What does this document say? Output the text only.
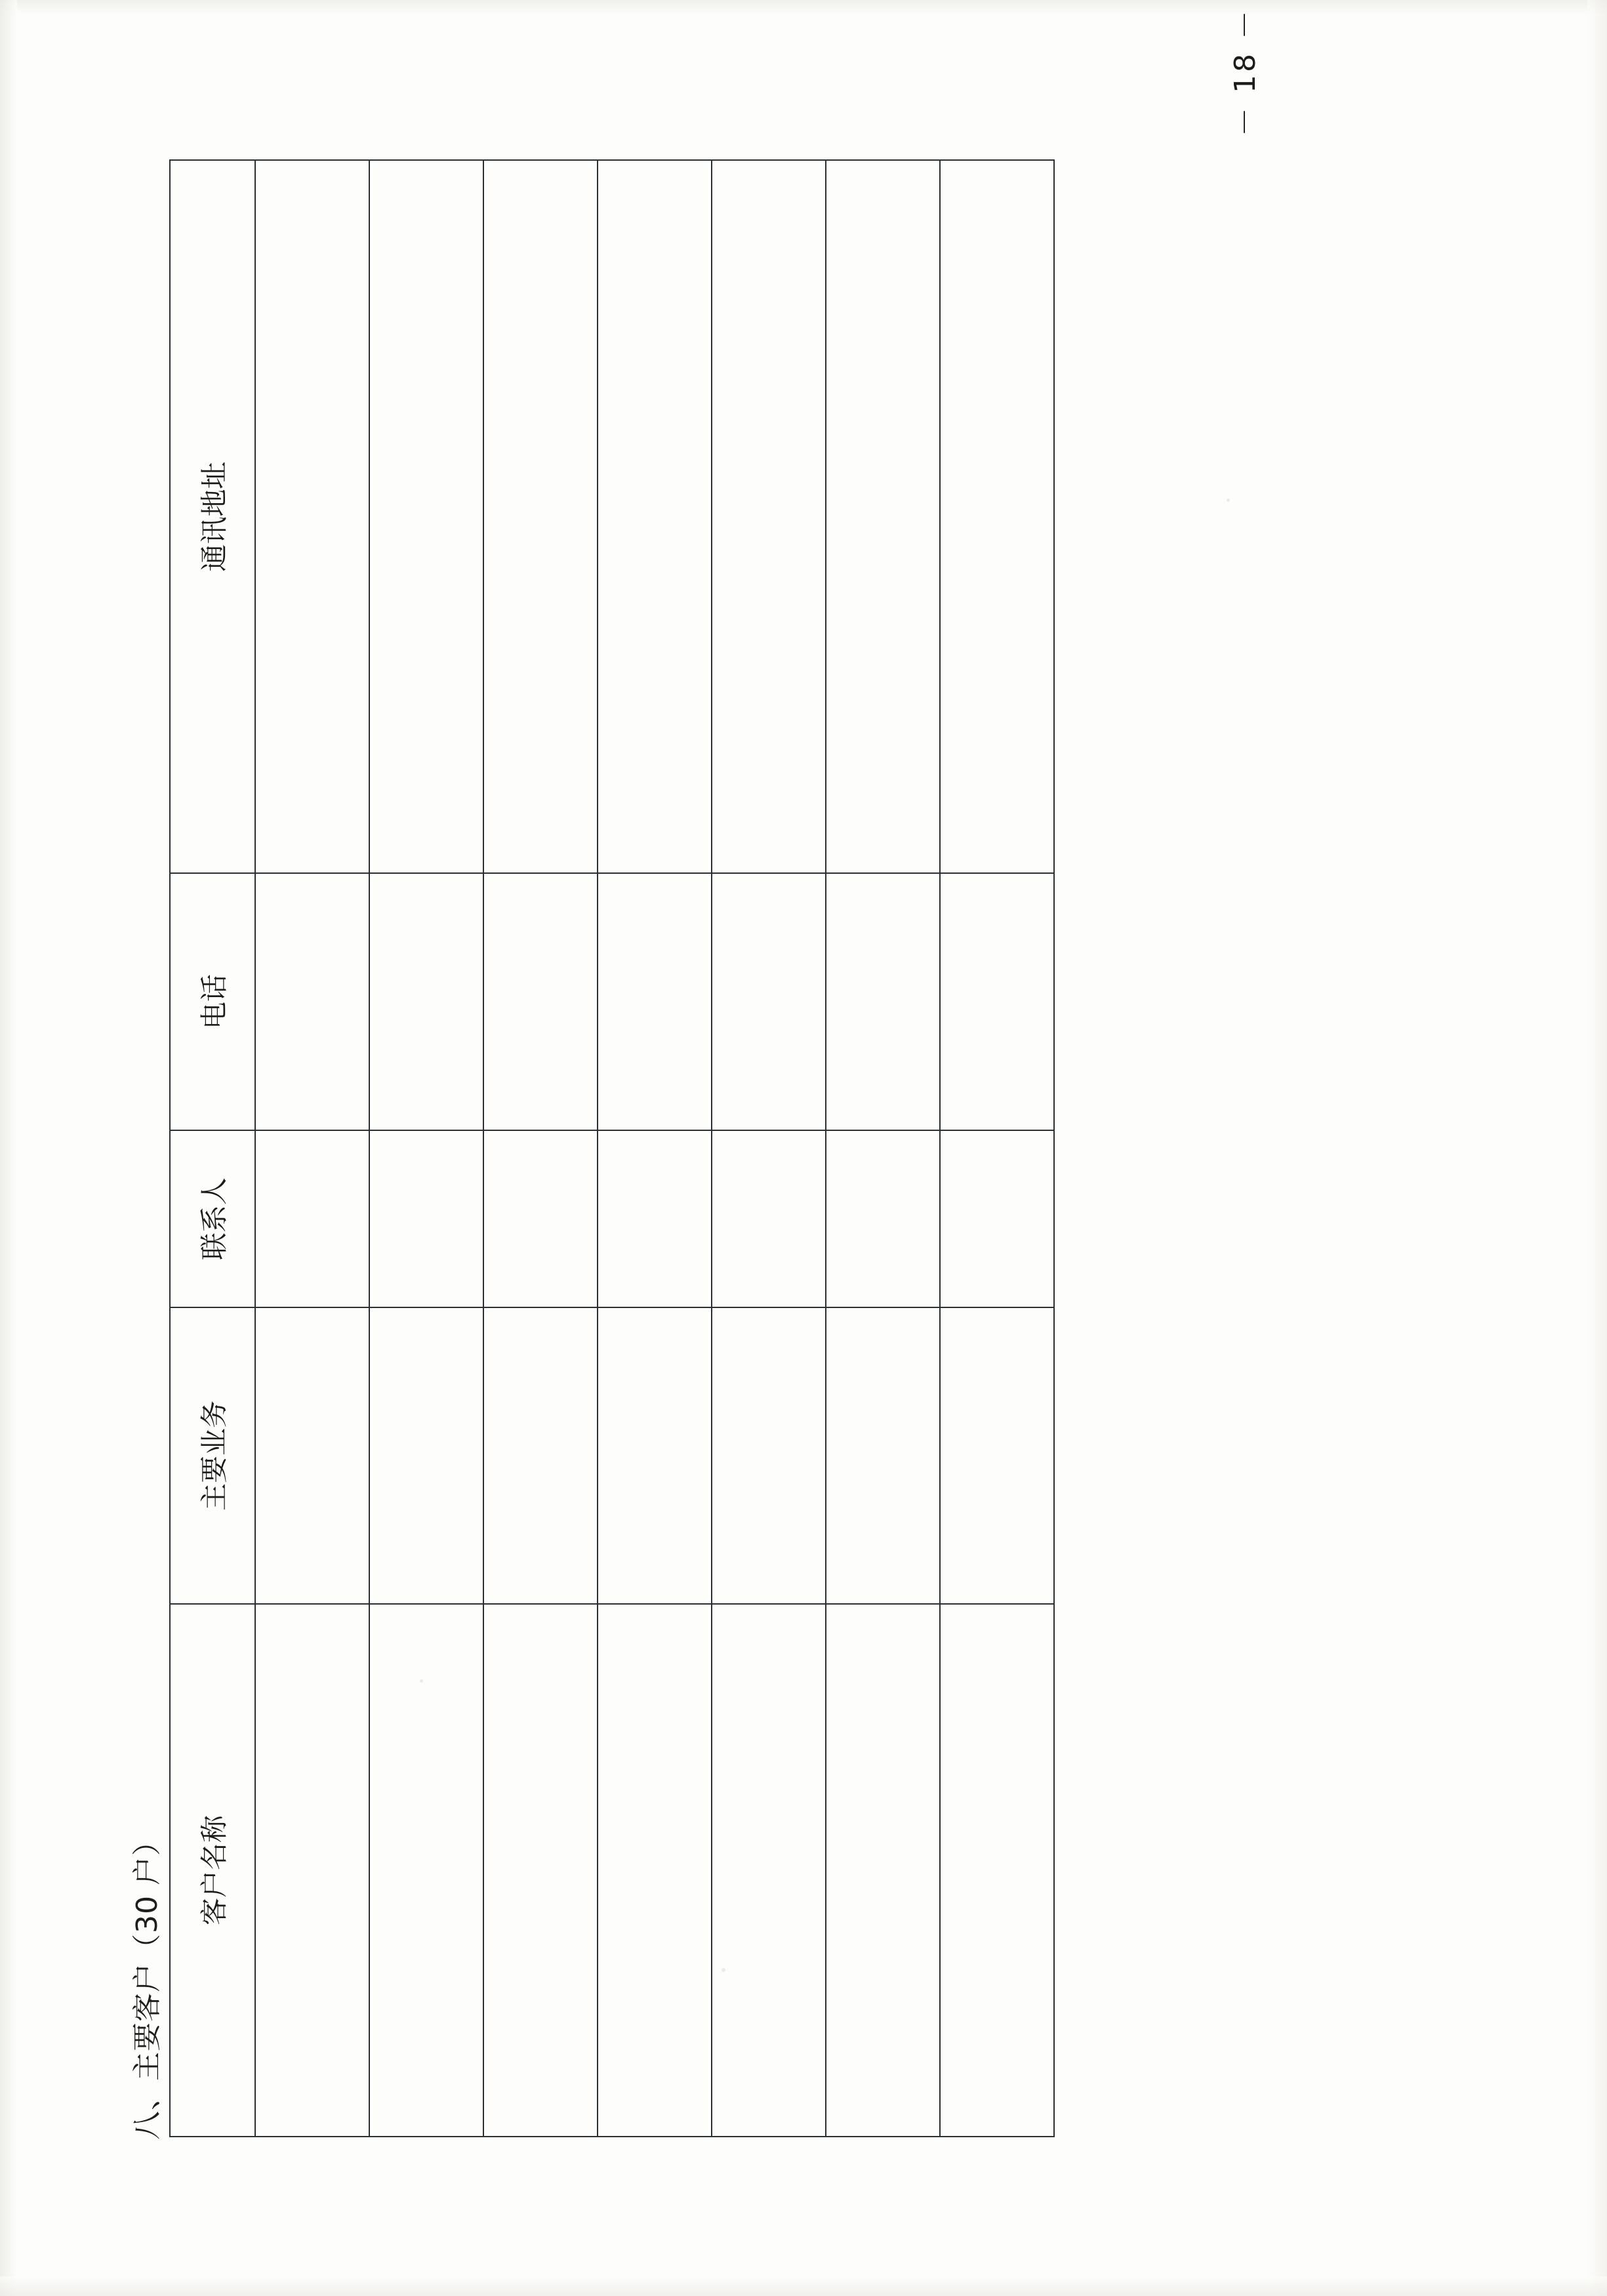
八、主要客户（30 户） 客户名称	主要业务	联系人	电话	通讯地址

－ 18 －
